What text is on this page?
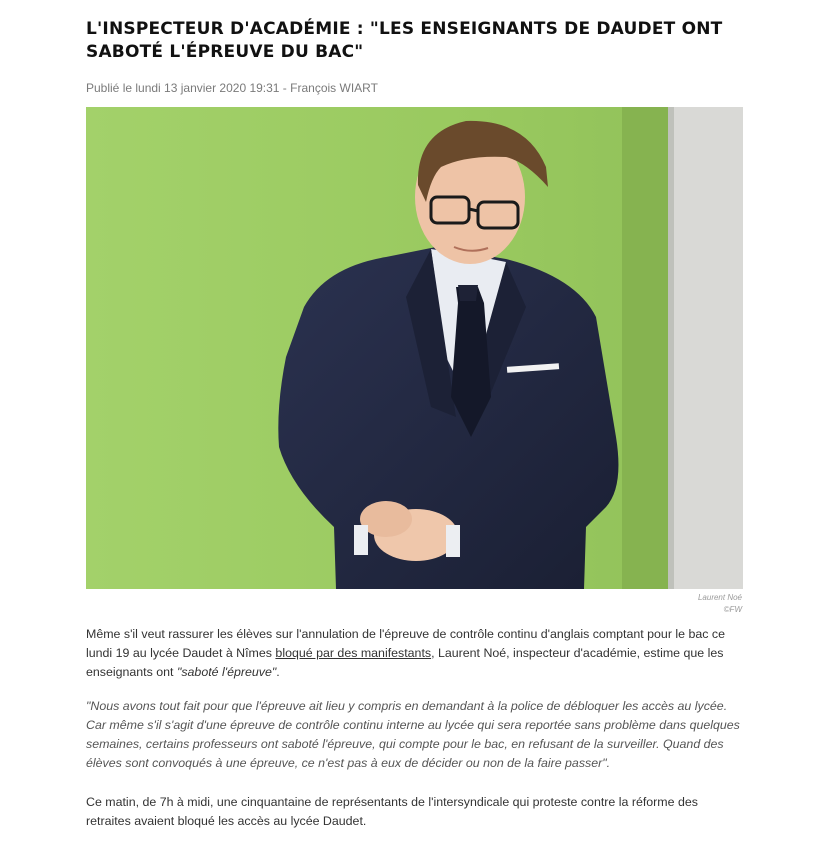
L'INSPECTEUR D'ACADÉMIE : "LES ENSEIGNANTS DE DAUDET ONT SABOTÉ L'ÉPREUVE DU BAC"
Publié le lundi 13 janvier 2020 19:31 - François WIART
Laurent Noé
©FW

Même s'il veut rassurer les élèves sur l'annulation de l'épreuve de contrôle continu d'anglais comptant pour le bac ce lundi 19 au lycée Daudet à Nîmes bloqué par des manifestants, Laurent Noé, inspecteur d'académie, estime que les enseignants ont "saboté l'épreuve".

"Nous avons tout fait pour que l'épreuve ait lieu y compris en demandant à la police de débloquer les accès au lycée. Car même s'il s'agit d'une épreuve de contrôle continu interne au lycée qui sera reportée sans problème dans quelques semaines, certains professeurs ont saboté l'épreuve, qui compte pour le bac, en refusant de la surveiller. Quand des élèves sont convoqués à une épreuve, ce n'est pas à eux de décider ou non de la faire passer".

Ce matin, de 7h à midi, une cinquantaine de représentants de l'intersyndicale qui proteste contre la réforme des retraites avaient bloqué les accès au lycée Daudet.
